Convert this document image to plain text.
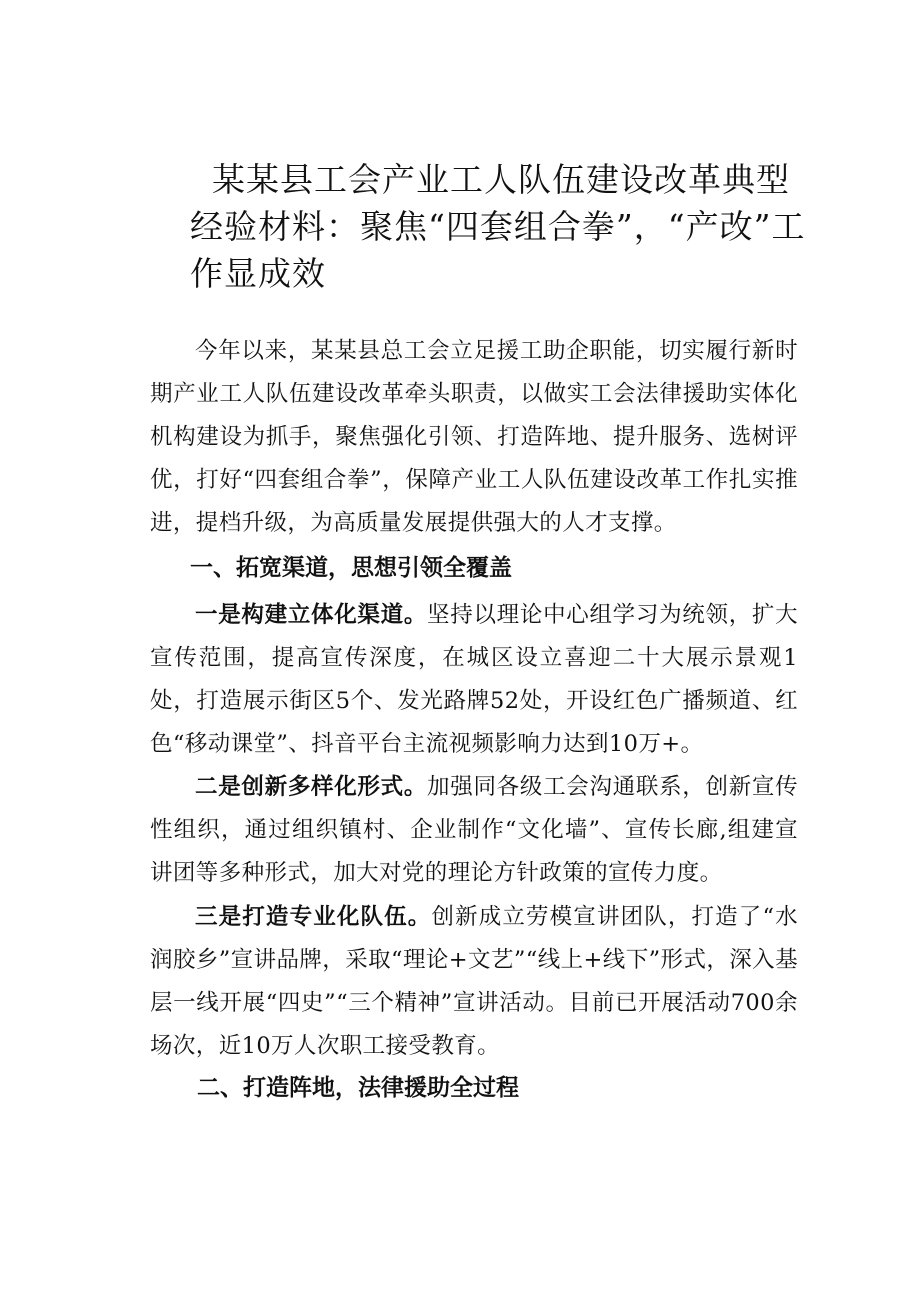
某某县工会产业工人队伍建设改革典型经验材料：聚焦“四套组合拳”，“产改”工作显成效

今年以来，某某县总工会立足援工助企职能，切实履行新时期产业工人队伍建设改革牵头职责，以做实工会法律援助实体化机构建设为抓手，聚焦强化引领、打造阵地、提升服务、选树评优，打好“四套组合拳”，保障产业工人队伍建设改革工作扎实推进，提档升级，为高质量发展提供强大的人才支撑。

一、拓宽渠道，思想引领全覆盖

一是构建立体化渠道。坚持以理论中心组学习为统领，扩大宣传范围，提高宣传深度，在城区设立喜迎二十大展示景观1处，打造展示街区5个、发光路牌52处，开设红色广播频道、红色“移动课堂”、抖音平台主流视频影响力达到10万+。

二是创新多样化形式。加强同各级工会沟通联系，创新宣传性组织，通过组织镇村、企业制作“文化墙”、宣传长廊,组建宣讲团等多种形式，加大对党的理论方针政策的宣传力度。

三是打造专业化队伍。创新成立劳模宣讲团队，打造了“水润胶乡”宣讲品牌，采取“理论+文艺”“线上+线下”形式，深入基层一线开展“四史”“三个精神”宣讲活动。目前已开展活动700余场次，近10万人次职工接受教育。

二、打造阵地，法律援助全过程
